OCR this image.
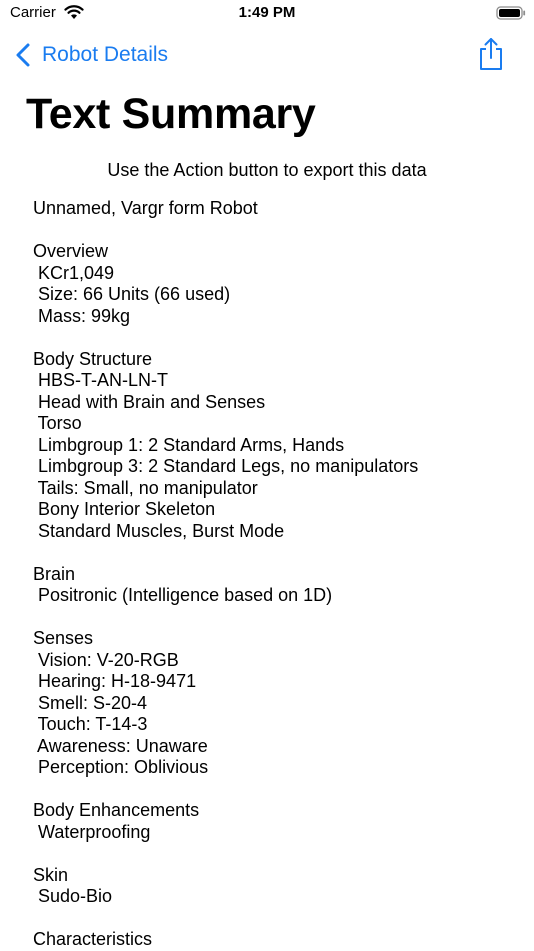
Carrier	1:49 PM
Robot Details
Text Summary
Use the Action button to export this data
Unnamed, Vargr form Robot
Overview
KCr1,049
Size: 66 Units (66 used)
Mass: 99kg
Body Structure
HBS-T-AN-LN-T
Head with Brain and Senses
Torso
Limbgroup 1: 2 Standard Arms, Hands
Limbgroup 3: 2 Standard Legs, no manipulators
Tails: Small, no manipulator
Bony Interior Skeleton
Standard Muscles, Burst Mode
Brain
Positronic (Intelligence based on 1D)
Senses
Vision: V-20-RGB
Hearing: H-18-9471
Smell: S-20-4
Touch: T-14-3
Awareness: Unaware
Perception: Oblivious
Body Enhancements
Waterproofing
Skin
Sudo-Bio
Characteristics
